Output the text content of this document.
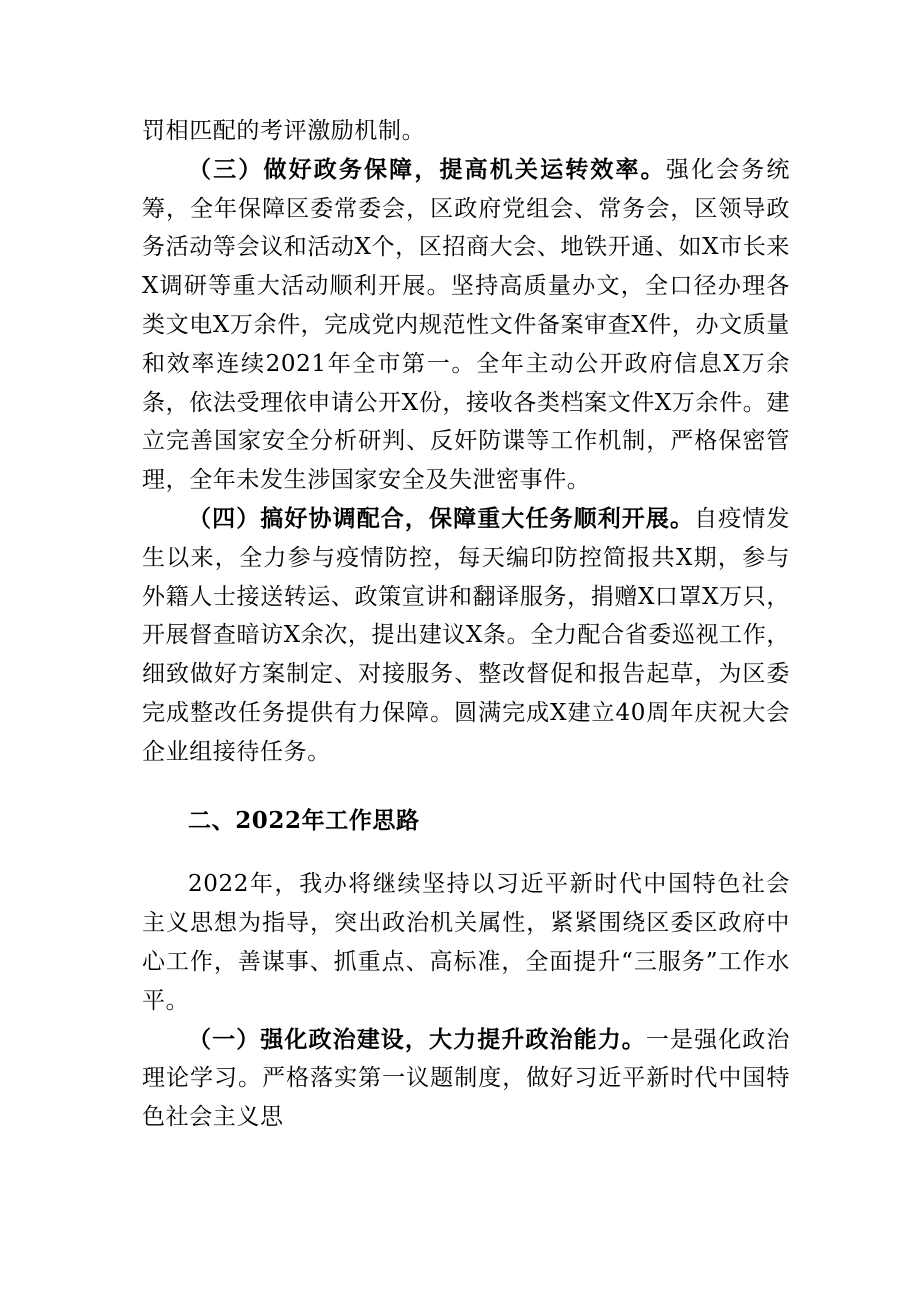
罚相匹配的考评激励机制。

（三）做好政务保障，提高机关运转效率。强化会务统筹，全年保障区委常委会，区政府党组会、常务会，区领导政务活动等会议和活动X个，区招商大会、地铁开通、如X市长来X调研等重大活动顺利开展。坚持高质量办文，全口径办理各类文电X万余件，完成党内规范性文件备案审查X件，办文质量和效率连续2021年全市第一。全年主动公开政府信息X万余条，依法受理依申请公开X份，接收各类档案文件X万余件。建立完善国家安全分析研判、反奸防谍等工作机制，严格保密管理，全年未发生涉国家安全及失泄密事件。

（四）搞好协调配合，保障重大任务顺利开展。自疫情发生以来，全力参与疫情防控，每天编印防控简报共X期，参与外籍人士接送转运、政策宣讲和翻译服务，捐赠X口罩X万只，开展督查暗访X余次，提出建议X条。全力配合省委巡视工作，细致做好方案制定、对接服务、整改督促和报告起草，为区委完成整改任务提供有力保障。圆满完成X建立40周年庆祝大会企业组接待任务。

二、2022年工作思路

2022年，我办将继续坚持以习近平新时代中国特色社会主义思想为指导，突出政治机关属性，紧紧围绕区委区政府中心工作，善谋事、抓重点、高标准，全面提升“三服务”工作水平。

（一）强化政治建设，大力提升政治能力。一是强化政治理论学习。严格落实第一议题制度，做好习近平新时代中国特色社会主义思
